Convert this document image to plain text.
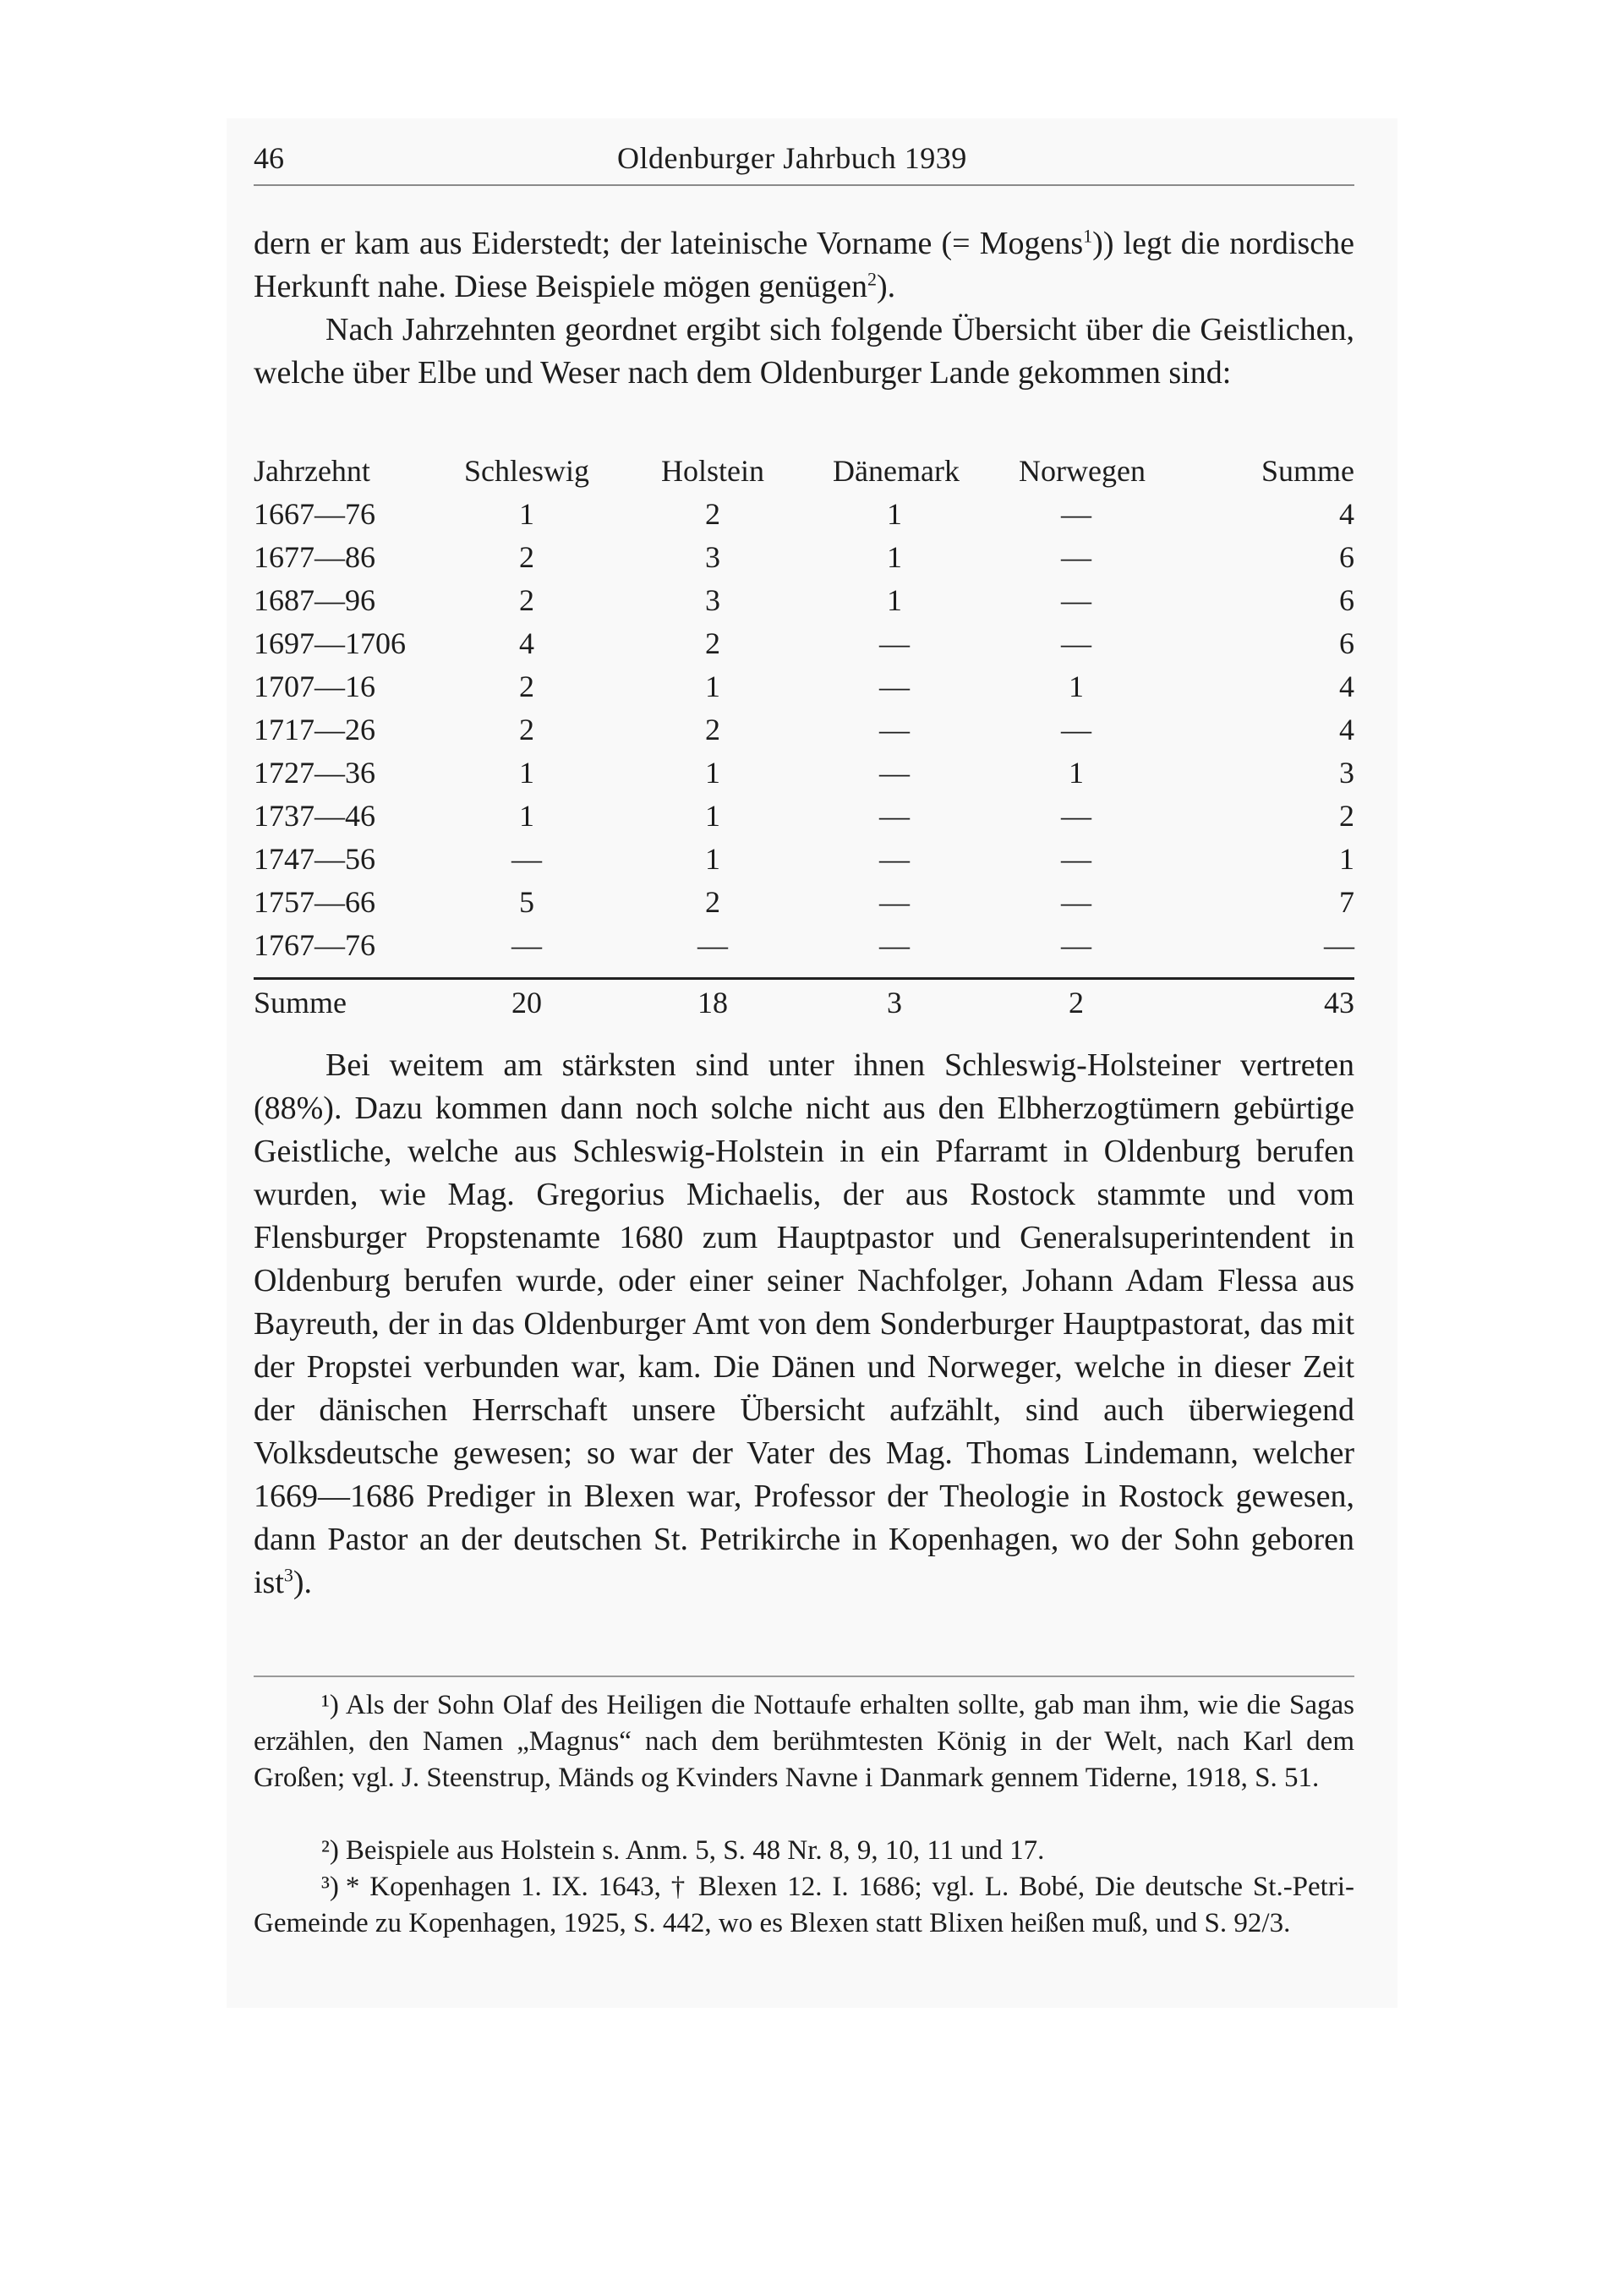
46	Oldenburger Jahrbuch 1939

dern er kam aus Eiderstedt; der lateinische Vorname (= Mogens$^1$)) legt die nordische Herkunft nahe. Diese Beispiele mögen genügen$^2$).

Nach Jahrzehnten geordnet ergibt sich folgende Übersicht über die Geistlichen, welche über Elbe und Weser nach dem Oldenburger Lande gekommen sind:

Jahrzehnt	Schleswig	Holstein	Dänemark	Norwegen	Summe
1667—76	1	2	1	—	4
1677—86	2	3	1	—	6
1687—96	2	3	1	—	6
1697—1706	4	2	—	—	6
1707—16	2	1	—	1	4
1717—26	2	2	—	—	4
1727—36	1	1	—	1	3
1737—46	1	1	—	—	2
1747—56	—	1	—	—	1
1757—66	5	2	—	—	7
1767—76	—	—	—	—	—
Summe	20	18	3	2	43

Bei weitem am stärksten sind unter ihnen Schleswig-Holsteiner vertreten (88%). Dazu kommen dann noch solche nicht aus den Elbherzogtümern gebürtige Geistliche, welche aus Schleswig-Holstein in ein Pfarramt in Oldenburg berufen wurden, wie Mag. Gregorius Michaelis, der aus Rostock stammte und vom Flensburger Propstenamte 1680 zum Hauptpastor und Generalsuperintendent in Oldenburg berufen wurde, oder einer seiner Nachfolger, Johann Adam Flessa aus Bayreuth, der in das Oldenburger Amt von dem Sonderburger Hauptpastorat, das mit der Propstei verbunden war, kam. Die Dänen und Norweger, welche in dieser Zeit der dänischen Herrschaft unsere Übersicht aufzählt, sind auch überwiegend Volksdeutsche gewesen; so war der Vater des Mag. Thomas Lindemann, welcher 1669—1686 Prediger in Blexen war, Professor der Theologie in Rostock gewesen, dann Pastor an der deutschen St. Petrikirche in Kopenhagen, wo der Sohn geboren ist$^3$).

¹) Als der Sohn Olaf des Heiligen die Nottaufe erhalten sollte, gab man ihm, wie die Sagas erzählen, den Namen „Magnus“ nach dem berühmtesten König in der Welt, nach Karl dem Großen; vgl. J. Steenstrup, Mänds og Kvinders Navne i Danmark gennem Tiderne, 1918, S. 51.

²) Beispiele aus Holstein s. Anm. 5, S. 48 Nr. 8, 9, 10, 11 und 17.

³) * Kopenhagen 1. IX. 1643, † Blexen 12. I. 1686; vgl. L. Bobé, Die deutsche St.-Petri-Gemeinde zu Kopenhagen, 1925, S. 442, wo es Blexen statt Blixen heißen muß, und S. 92/3.
